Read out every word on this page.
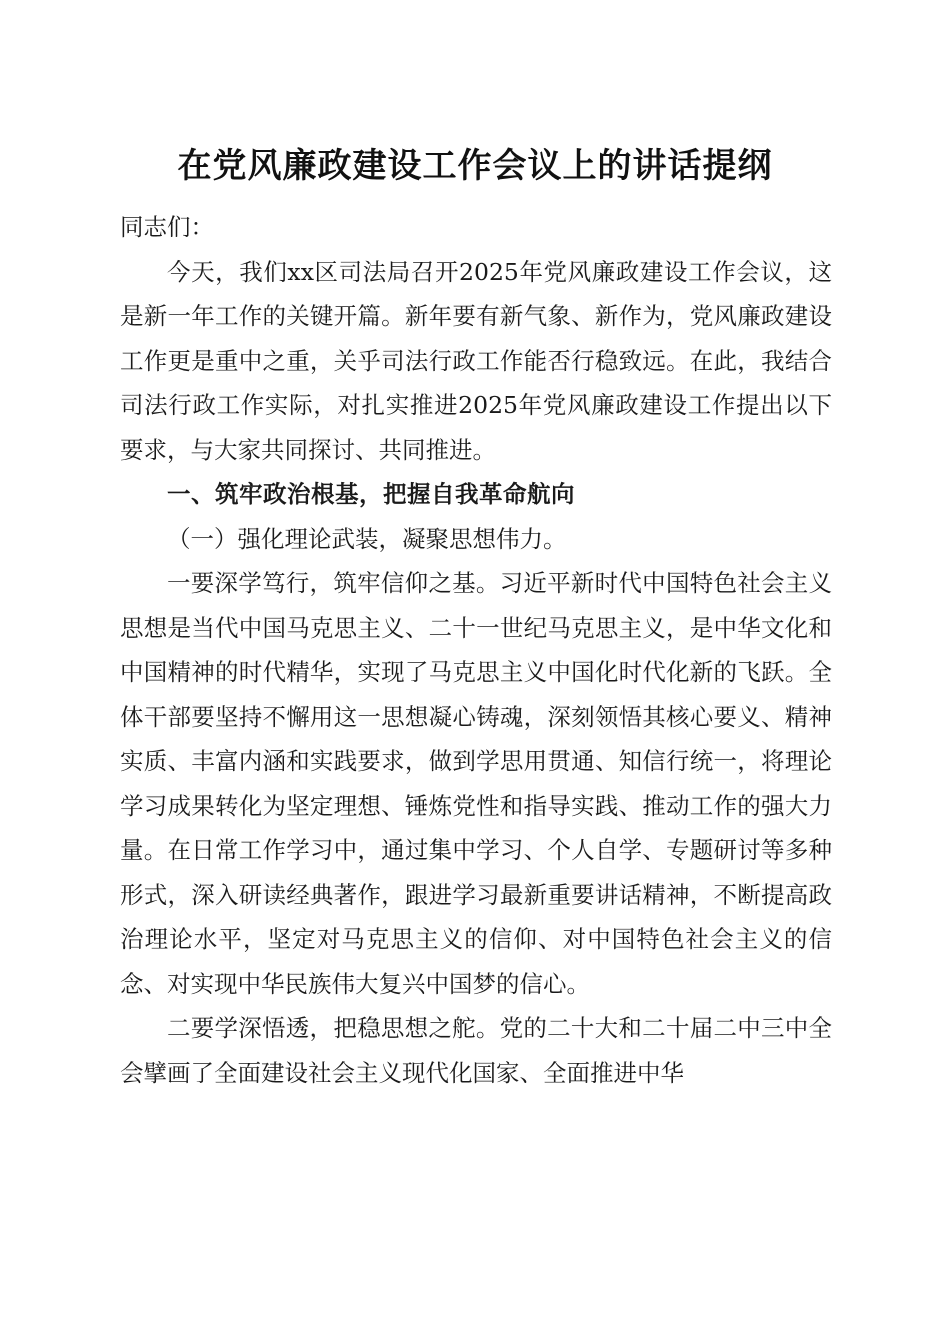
在党风廉政建设工作会议上的讲话提纲

同志们：

今天，我们xx区司法局召开2025年党风廉政建设工作会议，这是新一年工作的关键开篇。新年要有新气象、新作为，党风廉政建设工作更是重中之重，关乎司法行政工作能否行稳致远。在此，我结合司法行政工作实际，对扎实推进2025年党风廉政建设工作提出以下要求，与大家共同探讨、共同推进。

一、筑牢政治根基，把握自我革命航向

（一）强化理论武装，凝聚思想伟力。

一要深学笃行，筑牢信仰之基。习近平新时代中国特色社会主义思想是当代中国马克思主义、二十一世纪马克思主义，是中华文化和中国精神的时代精华，实现了马克思主义中国化时代化新的飞跃。全体干部要坚持不懈用这一思想凝心铸魂，深刻领悟其核心要义、精神实质、丰富内涵和实践要求，做到学思用贯通、知信行统一，将理论学习成果转化为坚定理想、锤炼党性和指导实践、推动工作的强大力量。在日常工作学习中，通过集中学习、个人自学、专题研讨等多种形式，深入研读经典著作，跟进学习最新重要讲话精神，不断提高政治理论水平，坚定对马克思主义的信仰、对中国特色社会主义的信念、对实现中华民族伟大复兴中国梦的信心。

二要学深悟透，把稳思想之舵。党的二十大和二十届二中三中全会擘画了全面建设社会主义现代化国家、全面推进中华
